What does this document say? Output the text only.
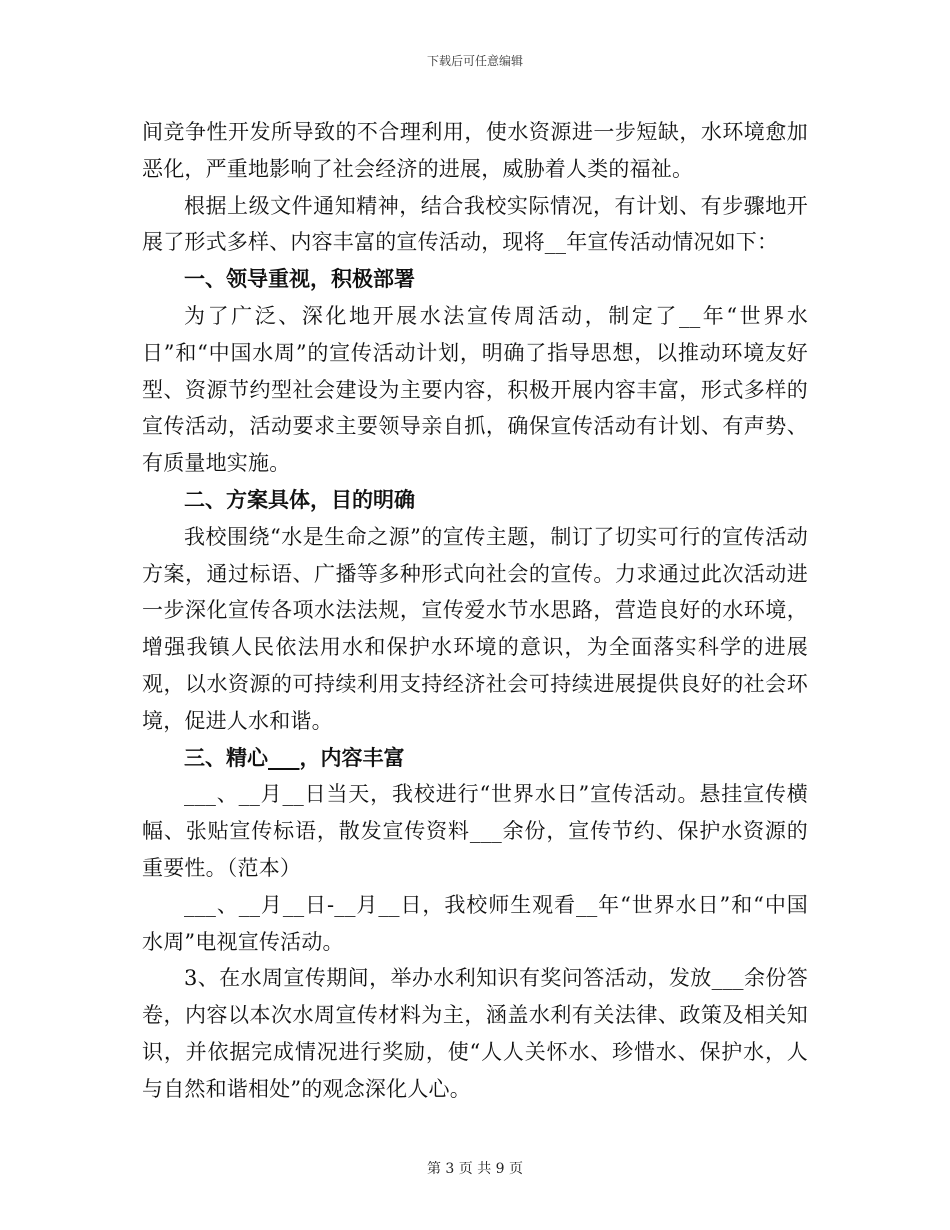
下载后可任意编辑

间竞争性开发所导致的不合理利用，使水资源进一步短缺，水环境愈加恶化，严重地影响了社会经济的进展，威胁着人类的福祉。

根据上级文件通知精神，结合我校实际情况，有计划、有步骤地开展了形式多样、内容丰富的宣传活动，现将__年宣传活动情况如下：

一、领导重视，积极部署

为了广泛、深化地开展水法宣传周活动，制定了__年“世界水日”和“中国水周”的宣传活动计划，明确了指导思想，以推动环境友好型、资源节约型社会建设为主要内容，积极开展内容丰富，形式多样的宣传活动，活动要求主要领导亲自抓，确保宣传活动有计划、有声势、有质量地实施。

二、方案具体，目的明确

我校围绕“水是生命之源”的宣传主题，制订了切实可行的宣传活动方案，通过标语、广播等多种形式向社会的宣传。力求通过此次活动进一步深化宣传各项水法法规，宣传爱水节水思路，营造良好的水环境，增强我镇人民依法用水和保护水环境的意识，为全面落实科学的进展观，以水资源的可持续利用支持经济社会可持续进展提供良好的社会环境，促进人水和谐。

三、精心___，内容丰富

___、__月__日当天，我校进行“世界水日”宣传活动。悬挂宣传横幅、张贴宣传标语，散发宣传资料___余份，宣传节约、保护水资源的重要性。（范本）

___、__月__日-__月__日，我校师生观看__年“世界水日”和“中国水周”电视宣传活动。

3、在水周宣传期间，举办水利知识有奖问答活动，发放___余份答卷，内容以本次水周宣传材料为主，涵盖水利有关法律、政策及相关知识，并依据完成情况进行奖励，使“人人关怀水、珍惜水、保护水，人与自然和谐相处”的观念深化人心。

第 3 页 共 9 页
